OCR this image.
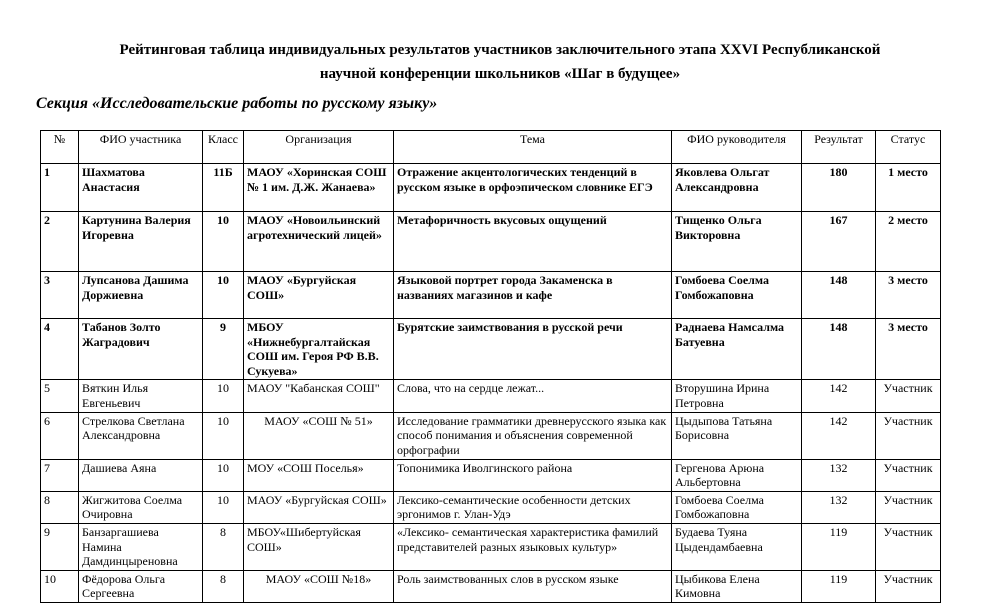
Рейтинговая таблица индивидуальных результатов участников заключительного этапа XXVI Республиканской
научной конференции школьников «Шаг в будущее»
Секция «Исследовательские работы по русскому языку»
№	ФИО участника	Класс	Организация	Тема	ФИО руководителя	Результат	Статус
1	Шахматова Анастасия	11Б	МАОУ «Хоринская СОШ № 1 им. Д.Ж. Жанаева»	Отражение акцентологических тенденций в русском языке в орфоэпическом словнике ЕГЭ	Яковлева Ольгат Александровна	180	1 место
2	Картунина Валерия Игоревна	10	МАОУ «Новоильинский агротехнический лицей»	Метафоричность вкусовых ощущений	Тищенко Ольга Викторовна	167	2 место
3	Лупсанова Дашима Доржиевна	10	МАОУ «Бургуйская СОШ»	Языковой портрет города Закаменска в названиях магазинов и кафе	Гомбоева Соелма Гомбожаповна	148	3 место
4	Табанов Золто Жаградович	9	МБОУ «Нижнебургалтайская СОШ им. Героя РФ В.В. Сукуева»	Бурятские заимствования в русской речи	Раднаева Намсалма Батуевна	148	3 место
5	Вяткин Илья Евгеньевич	10	МАОУ "Кабанская СОШ"	Слова, что на сердце лежат...	Вторушина Ирина Петровна	142	Участник
6	Стрелкова Светлана Александровна	10	МАОУ «СОШ № 51»	Исследование грамматики древнерусского языка как способ понимания и объяснения современной орфографии	Цыдыпова Татьяна Борисовна	142	Участник
7	Дашиева Аяна	10	МОУ «СОШ Поселья»	Топонимика Иволгинского района	Гергенова Арюна Альбертовна	132	Участник
8	Жигжитова Соелма Очировна	10	МАОУ «Бургуйская СОШ»	Лексико-семантические особенности детских эргонимов г. Улан-Удэ	Гомбоева Соелма Гомбожаповна	132	Участник
9	Банзаргашиева Намина Дамдинцыреновна	8	МБОУ«Шибертуйская СОШ»	«Лексико- семантическая характеристика фамилий представителей разных языковых культур»	Будаева Туяна Цыдендамбаевна	119	Участник
10	Фёдорова Ольга Сергеевна	8	МАОУ «СОШ №18»	Роль заимствованных слов в русском языке	Цыбикова Елена Кимовна	119	Участник
